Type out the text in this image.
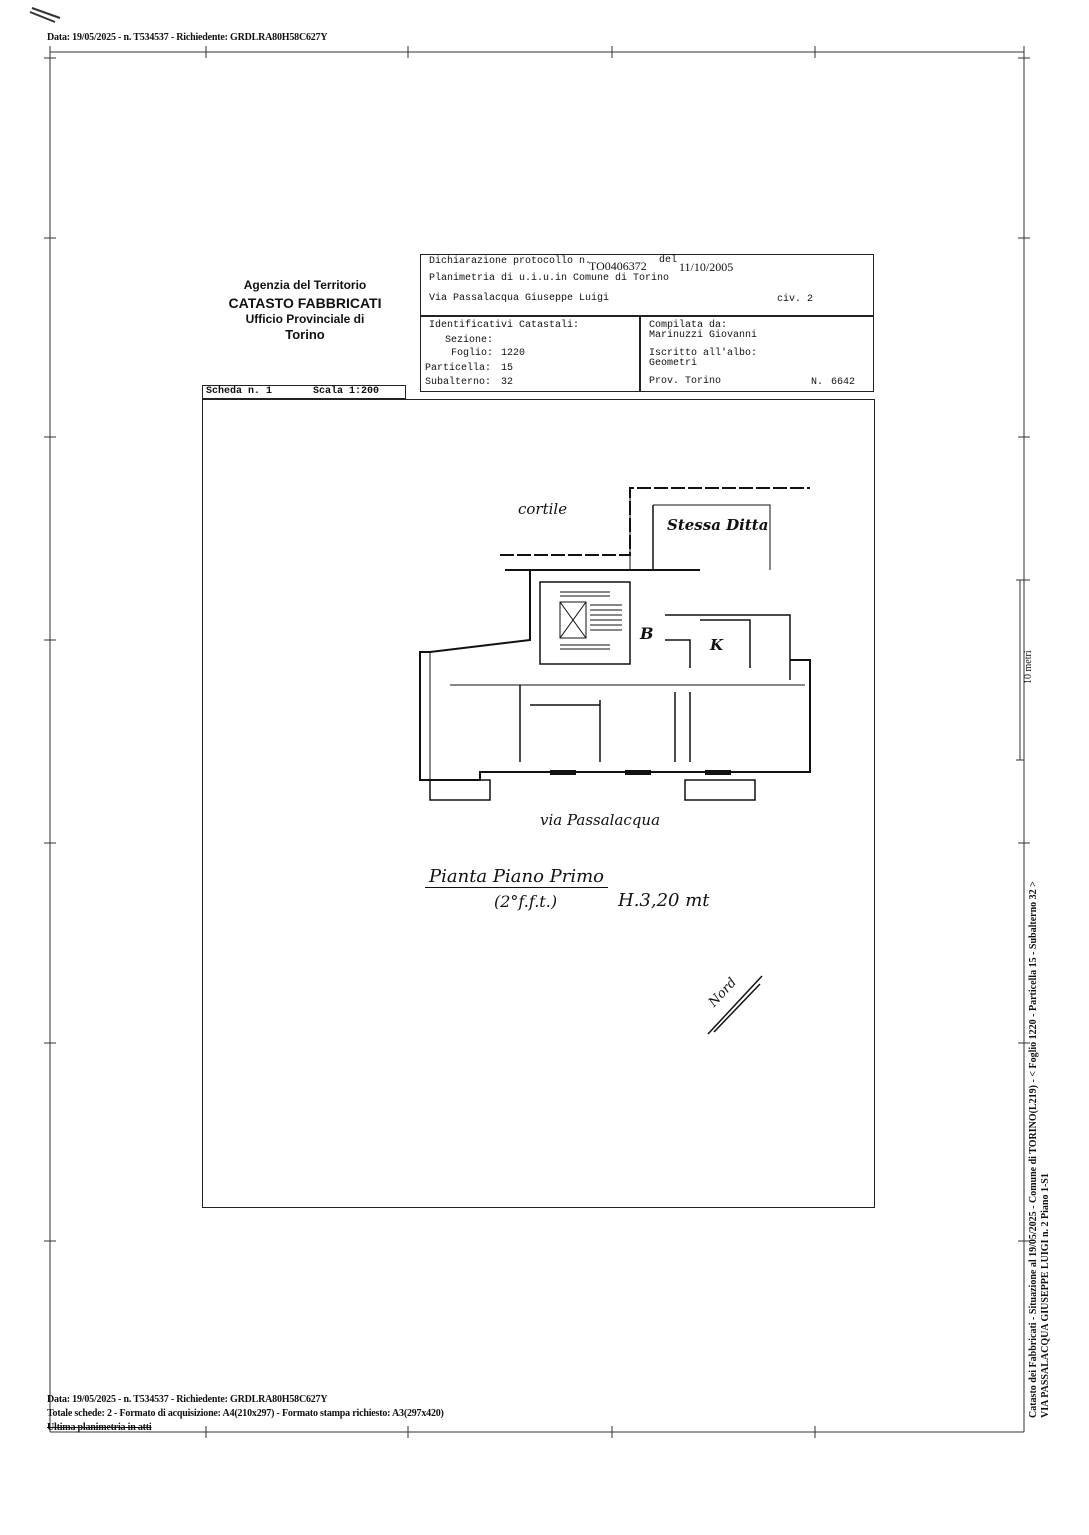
Data: 19/05/2025 - n. T534537 - Richiedente: GRDLRA80H58C627Y
Agenzia del Territorio
CATASTO FABBRICATI
Ufficio Provinciale di
Torino
Dichiarazione protocollo n.
TO0406372 del 11/10/2005
Planimetria di u.i.u.in Comune di Torino
Via Passalacqua Giuseppe Luigi	civ. 2
Identificativi Catastali:
Sezione:
Foglio: 1220
Particella: 15
Subalterno: 32
Compilata da:
Marinuzzi Giovanni
Iscritto all'albo:
Geometri
Prov. Torino	N. 6642
Scheda n. 1	Scala 1:200
cortile
Stessa Ditta
B
K
via Passalacqua
Pianta Piano Primo
(2°f.f.t.)	H.3,20 mt
Nord
10 metri
Catasto dei Fabbricati - Situazione al 19/05/2025 - Comune di TORINO(L219) - < Foglio 1220 - Particella 15 - Subalterno 32 > VIA PASSALACQUA GIUSEPPE LUIGI n. 2 Piano 1-S1
Data: 19/05/2025 - n. T534537 - Richiedente: GRDLRA80H58C627Y
Totale schede: 2 - Formato di acquisizione: A4(210x297) - Formato stampa richiesto: A3(297x420)
Ultima planimetria in atti
